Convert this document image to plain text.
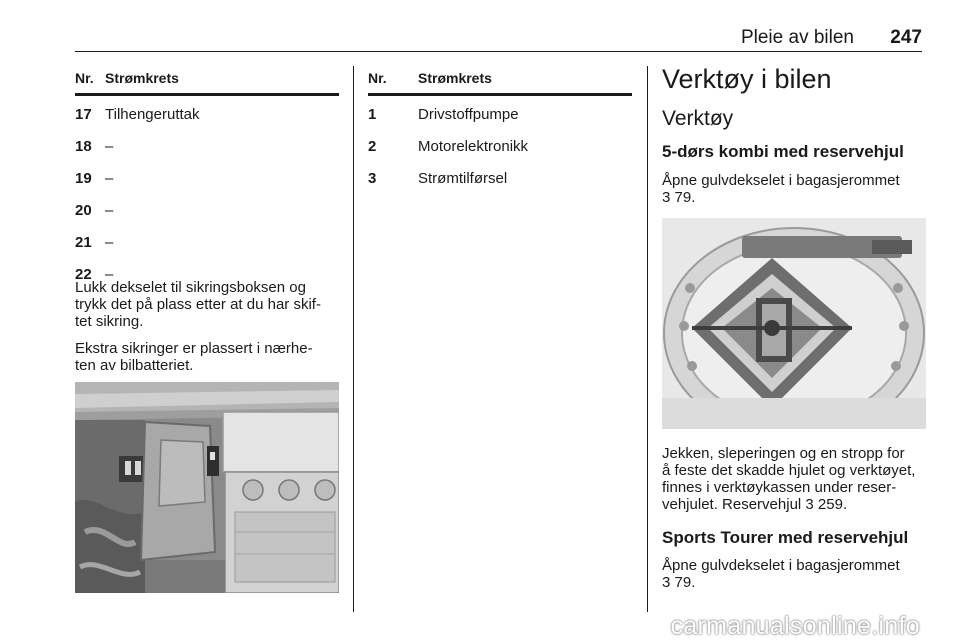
Pleie av bilen 247
Nr. Strømkrets
17 Tilhengeruttak
18 –
19 –
20 –
21 –
22 –

Lukk dekselet til sikringsboksen og

trykk det på plass etter at du har skif-

tet sikring.

Ekstra sikringer er plassert i nærhe-

ten av bilbatteriet.

Nr. Strømkrets
1	Drivstoffpumpe
2	Motorelektronikk
3	Strømtilførsel
Verktøy i bilen
Verktøy
5-dørs kombi med reservehjul

Åpne gulvdekselet i bagasjerommet

3 79.

Jekken, sleperingen og en stropp for

å feste det skadde hjulet og verktøyet,

finnes i verktøykassen under reser-

vehjulet. Reservehjul 3 259.

Sports Tourer med reservehjul

Åpne gulvdekselet i bagasjerommet

3 79.

carmanualsonline.info
